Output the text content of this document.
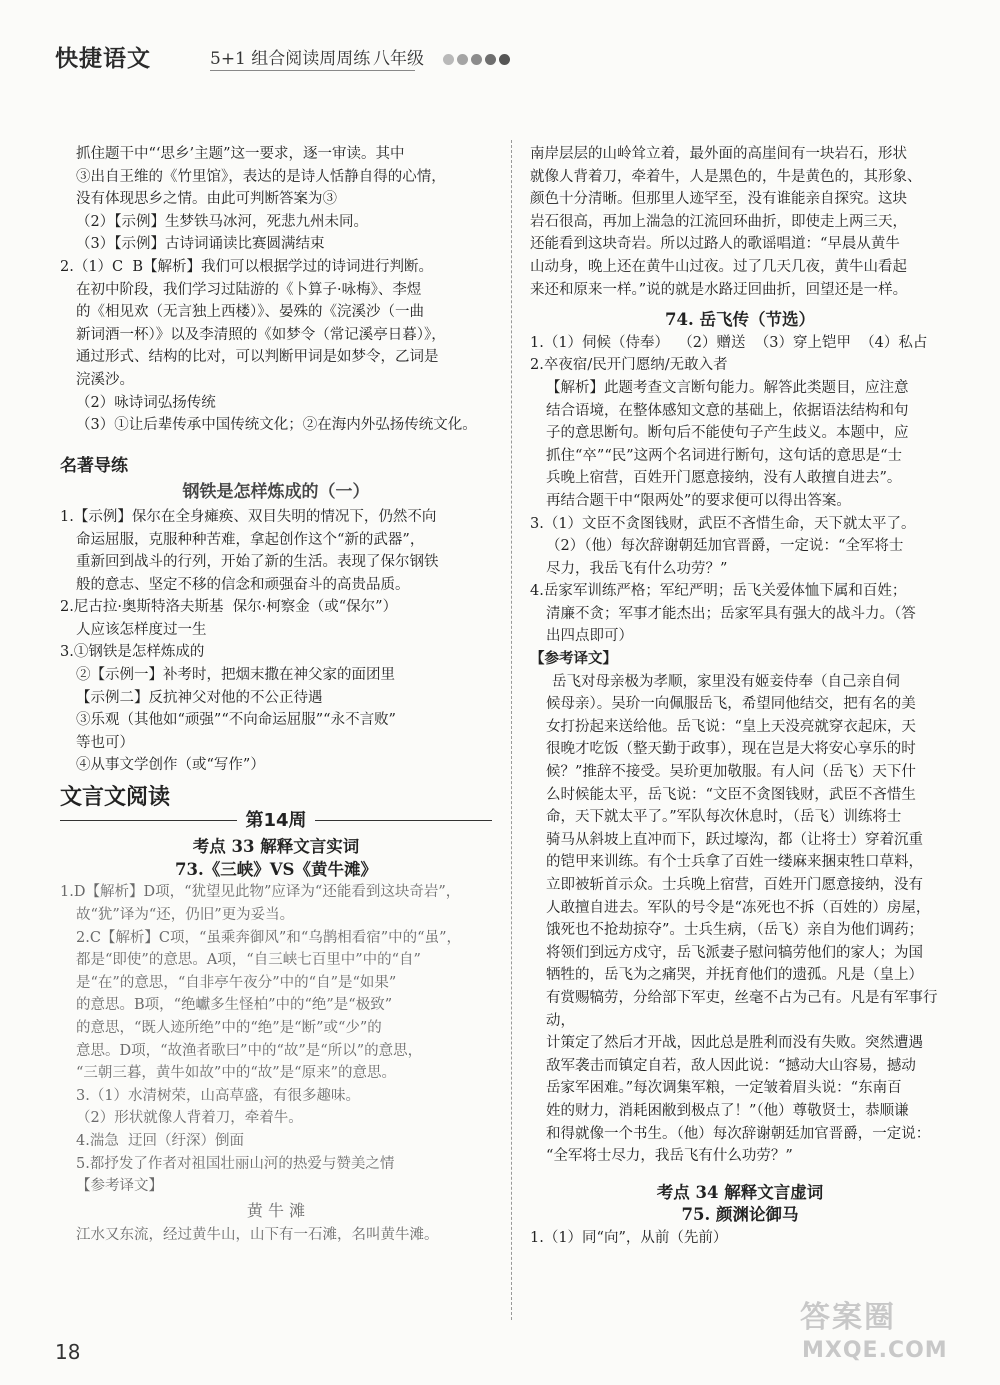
快捷语文	5+1 组合阅读周周练 八年级

抓住题干中“‘思乡’主题”这一要求，逐一审读。其中

③出自王维的《竹里馆》，表达的是诗人恬静自得的心情，

没有体现思乡之情。由此可判断答案为③

（2）【示例】生梦铁马冰河，死悲九州未同。

（3）【示例】古诗词诵读比赛圆满结束

2.（1）C  B【解析】我们可以根据学过的诗词进行判断。

在初中阶段，我们学习过陆游的《卜算子·咏梅》、李煜

的《相见欢（无言独上西楼）》、晏殊的《浣溪沙（一曲

新词酒一杯）》以及李清照的《如梦令（常记溪亭日暮）》，

通过形式、结构的比对，可以判断甲词是如梦令，乙词是

浣溪沙。

（2）咏诗词弘扬传统

（3）①让后辈传承中国传统文化；②在海内外弘扬传统文化。

名著导练

钢铁是怎样炼成的（一）

1.【示例】保尔在全身瘫痪、双目失明的情况下，仍然不向

命运屈服，克服种种苦难，拿起创作这个“新的武器”，

重新回到战斗的行列，开始了新的生活。表现了保尔钢铁

般的意志、坚定不移的信念和顽强奋斗的高贵品质。

2.尼古拉·奥斯特洛夫斯基  保尔·柯察金（或“保尔”）

人应该怎样度过一生

3.①钢铁是怎样炼成的

②【示例一】补考时，把烟末撒在神父家的面团里

【示例二】反抗神父对他的不公正待遇

③乐观（其他如“顽强”“不向命运屈服”“永不言败”

等也可）

④从事文学创作（或“写作”）

文言文阅读
第14周

考点 33 解释文言实词

73.《三峡》VS《黄牛滩》

1.D【解析】D项，“犹望见此物”应译为“还能看到这块奇岩”，

故“犹”译为“还，仍旧”更为妥当。

2.C【解析】C项，“虽乘奔御风”和“乌鹊相看宿”中的“虽”，

都是“即使”的意思。A项，“自三峡七百里中”中的“自”

是“在”的意思，“自非亭午夜分”中的“自”是“如果”

的意思。B项，“绝巘多生怪柏”中的“绝”是“极致”

的意思，“既人迹所绝”中的“绝”是“断”或“少”的

意思。D项，“故渔者歌曰”中的“故”是“所以”的意思，

“三朝三暮，黄牛如故”中的“故”是“原来”的意思。

3.（1）水清树荣，山高草盛，有很多趣味。

（2）形状就像人背着刀，牵着牛。

4.湍急  迂回（纡深）倒面

5.都抒发了作者对祖国壮丽山河的热爱与赞美之情

【参考译文】

黄 牛 滩

江水又东流，经过黄牛山，山下有一石滩，名叫黄牛滩。

南岸层层的山岭耸立着，最外面的高崖间有一块岩石，形状

就像人背着刀，牵着牛，人是黑色的，牛是黄色的，其形象、

颜色十分清晰。但那里人迹罕至，没有谁能亲自探究。这块

岩石很高，再加上湍急的江流回环曲折，即使走上两三天，

还能看到这块奇岩。所以过路人的歌谣唱道：“早晨从黄牛

山动身，晚上还在黄牛山过夜。过了几天几夜，黄牛山看起

来还和原来一样。”说的就是水路迂回曲折，回望还是一样。

74. 岳飞传（节选）

1.（1）伺候（侍奉）  （2）赠送  （3）穿上铠甲  （4）私占

2.卒夜宿/民开门愿纳/无敢入者

【解析】此题考查文言断句能力。解答此类题目，应注意

结合语境，在整体感知文意的基础上，依据语法结构和句

子的意思断句。断句后不能使句子产生歧义。本题中，应

抓住“卒”“民”这两个名词进行断句，这句话的意思是“士

兵晚上宿营，百姓开门愿意接纳，没有人敢擅自进去”。

再结合题干中“限两处”的要求便可以得出答案。

3.（1）文臣不贪图钱财，武臣不吝惜生命，天下就太平了。

（2）（他）每次辞谢朝廷加官晋爵，一定说：“全军将士

尽力，我岳飞有什么功劳？”

4.岳家军训练严格；军纪严明；岳飞关爱体恤下属和百姓；

清廉不贪；军事才能杰出；岳家军具有强大的战斗力。（答

出四点即可）

【参考译文】

岳飞对母亲极为孝顺，家里没有姬妾侍奉（自己亲自伺

候母亲）。吴玠一向佩服岳飞，希望同他结交，把有名的美

女打扮起来送给他。岳飞说：“皇上天没亮就穿衣起床，天

很晚才吃饭（整天勤于政事），现在岂是大将安心享乐的时

候？”推辞不接受。吴玠更加敬服。有人问（岳飞）天下什

么时候能太平，岳飞说：“文臣不贪图钱财，武臣不吝惜生

命，天下就太平了。”军队每次休息时，（岳飞）训练将士

骑马从斜坡上直冲而下，跃过壕沟，都（让将士）穿着沉重

的铠甲来训练。有个士兵拿了百姓一缕麻来捆束牲口草料，

立即被斩首示众。士兵晚上宿营，百姓开门愿意接纳，没有

人敢擅自进去。军队的号令是“冻死也不拆（百姓的）房屋，

饿死也不抢劫掠夺”。士兵生病，（岳飞）亲自为他们调药；

将领们到远方戍守，岳飞派妻子慰问犒劳他们的家人；为国

牺牲的，岳飞为之痛哭，并抚育他们的遗孤。凡是（皇上）

有赏赐犒劳，分给部下军吏，丝毫不占为己有。凡是有军事行动，

计策定了然后才开战，因此总是胜利而没有失败。突然遭遇

敌军袭击而镇定自若，敌人因此说：“撼动大山容易，撼动

岳家军困难。”每次调集军粮，一定皱着眉头说：“东南百

姓的财力，消耗困敝到极点了！”（他）尊敬贤士，恭顺谦

和得就像一个书生。（他）每次辞谢朝廷加官晋爵，一定说：

“全军将士尽力，我岳飞有什么功劳？”

考点 34 解释文言虚词

75. 颜渊论御马

1.（1）同“向”，从前（先前）

18
答案圈
MXQE.COM
